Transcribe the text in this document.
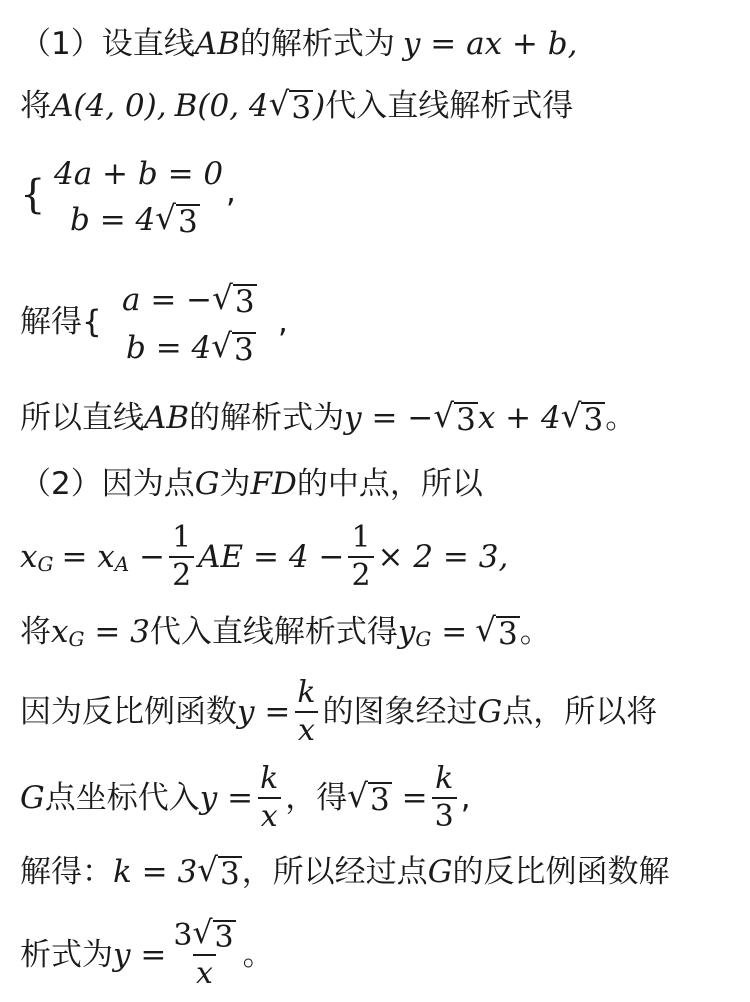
（1）设直线 AB 的解析式为 y = ax + b,
将 A(4, 0), B(0, 4 √ 3 ) 代入直线解析式得
{ 4a + b = 0
b = 4 √ 3
,
解得{
a = − √ 3
b = 4 √ 3
,
所以直线 AB 的解析式为 y = − √ 3 x + 4 √ 3 。
（2）因为点 G 为 FD 的中点，所以
x G = x $A - \frac{1}{2}$ AE = $4 - \frac{1}{2} \times 2 = 3$,
将 x G
= 3 代入直线解析式得 y G
= √ 3 。
因为反比例函数 $y = \frac{k}{x}$ 的图象经过 G 点，所以将
G 点坐标代入 $y = \frac{k}{x}$ ，得 √ 3
= $\frac{k}{3}$ ,
解得： k = 3 √ 3 ，所以经过点 G 的反比例函数解
析式为 $y = \frac{3 √ 3}{x}$ 。
